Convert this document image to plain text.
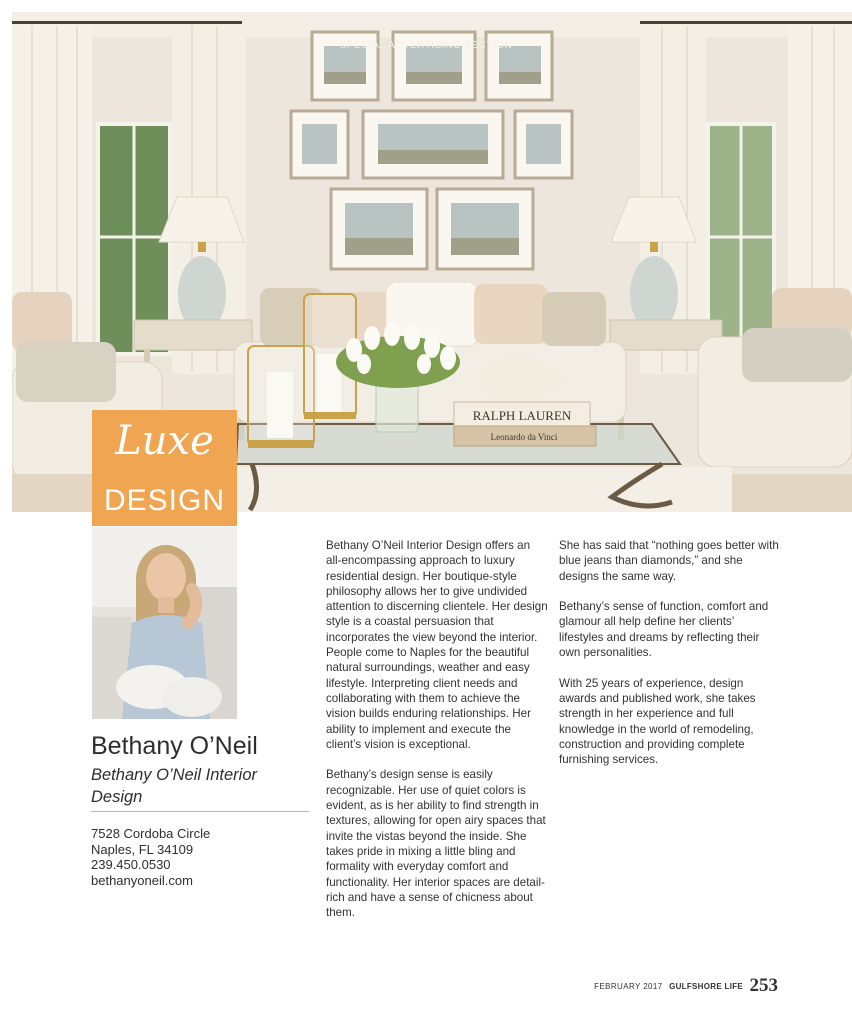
RALPH LAUREN
Leonardo da Vinci
SPECIAL ADVERTISING SECTION
Luxe
DESIGN
Bethany O’Neil
Bethany O’Neil Interior Design
7528 Cordoba Circle
Naples, FL 34109
239.450.0530
bethanyoneil.com

Bethany O’Neil Interior Design offers an all-encompassing approach to luxury residential design. Her boutique-style philosophy allows her to give undivided attention to discerning clientele. Her design style is a coastal persuasion that incorporates the view beyond the interior. People come to Naples for the beautiful natural surroundings, weather and easy lifestyle. Interpreting client needs and collaborating with them to achieve the vision builds enduring relationships. Her ability to implement and execute the client’s vision is exceptional.

Bethany’s design sense is easily recognizable. Her use of quiet colors is evident, as is her ability to find strength in textures, allowing for open airy spaces that invite the vistas beyond the inside. She takes pride in mixing a little bling and formality with everyday comfort and functionality. Her interior spaces are detail-rich and have a sense of chicness about them.

She has said that “nothing goes better with blue jeans than diamonds,” and she designs the same way.

Bethany’s sense of function, comfort and glamour all help define her clients’ lifestyles and dreams by reflecting their own personalities.

With 25 years of experience, design awards and published work, she takes strength in her experience and full knowledge in the world of remodeling, construction and providing complete furnishing services.

FEBRUARY 2017 GULFSHORE LIFE 253
